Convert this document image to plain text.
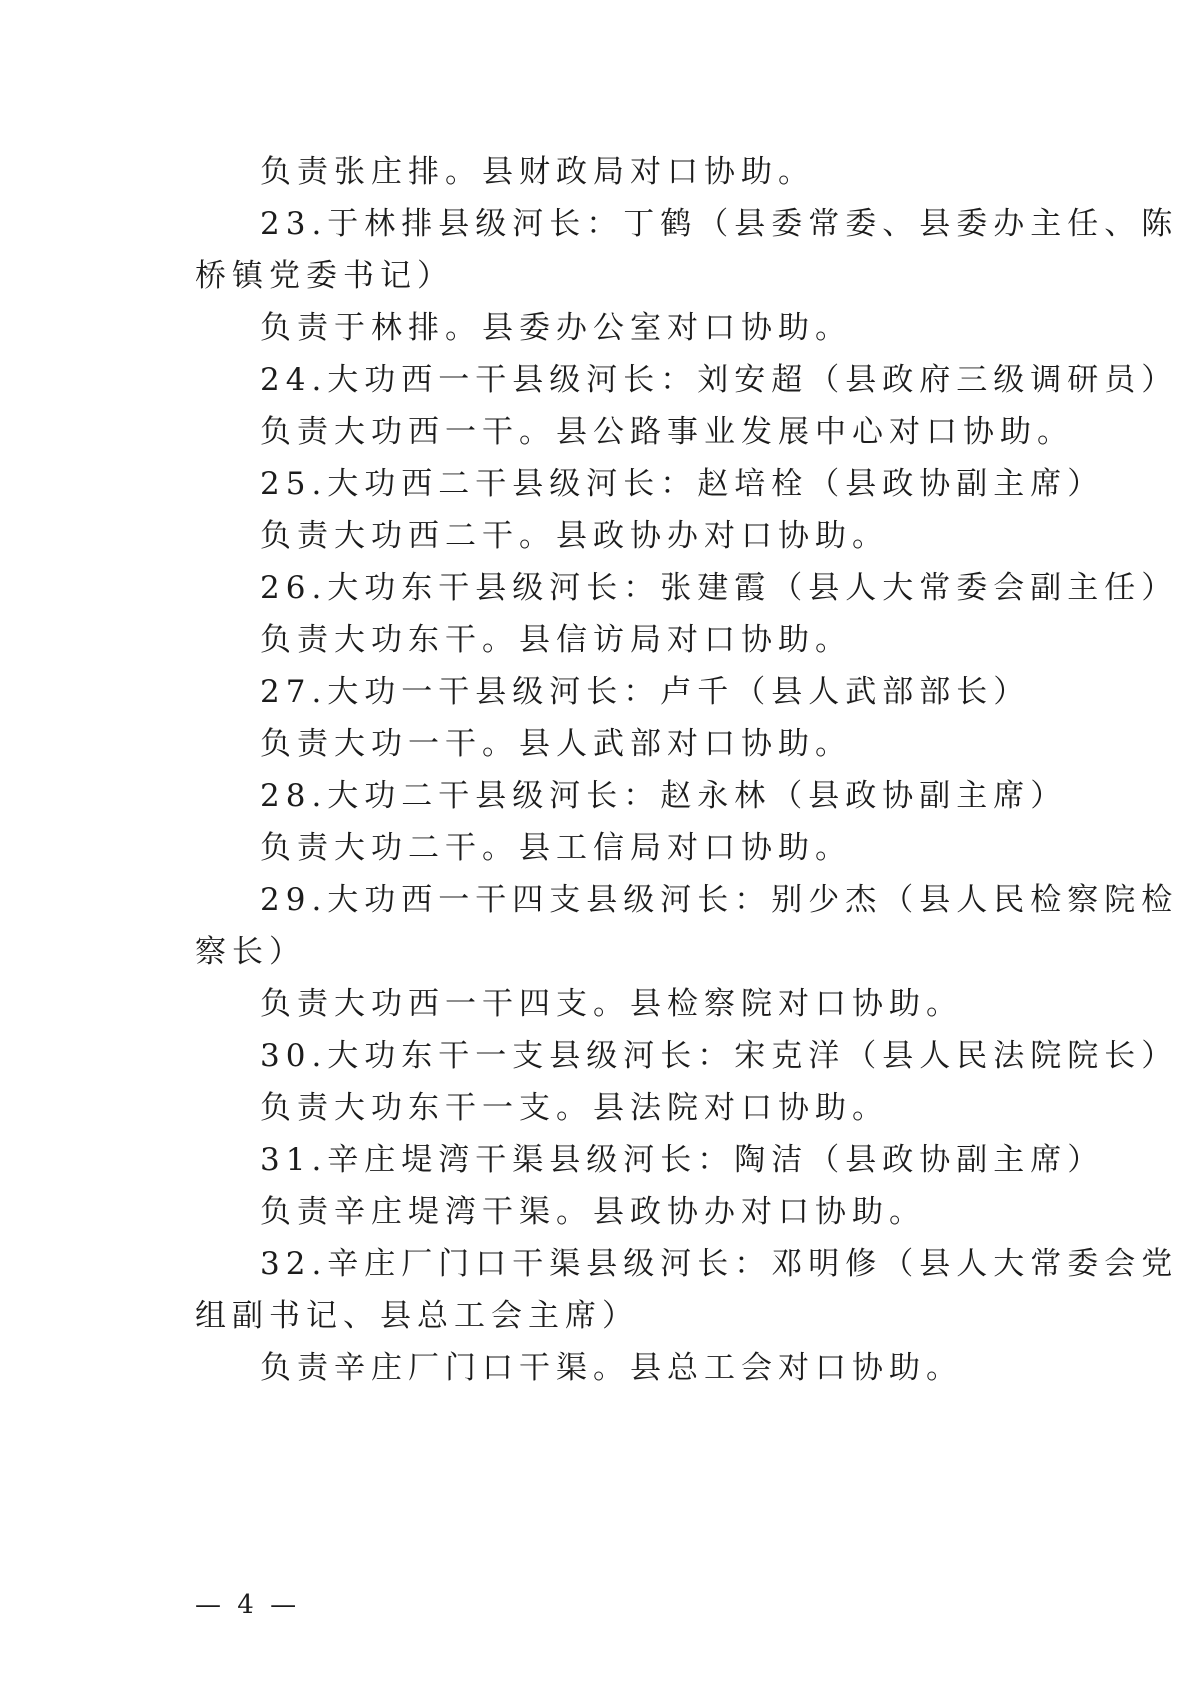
负责张庄排。县财政局对口协助。

23.于林排县级河长：丁鹤（县委常委、县委办主任、陈

桥镇党委书记）

负责于林排。县委办公室对口协助。

24.大功西一干县级河长：刘安超（县政府三级调研员）

负责大功西一干。县公路事业发展中心对口协助。

25.大功西二干县级河长：赵培栓（县政协副主席）

负责大功西二干。县政协办对口协助。

26.大功东干县级河长：张建霞（县人大常委会副主任）

负责大功东干。县信访局对口协助。

27.大功一干县级河长：卢千（县人武部部长）

负责大功一干。县人武部对口协助。

28.大功二干县级河长：赵永林（县政协副主席）

负责大功二干。县工信局对口协助。

29.大功西一干四支县级河长：别少杰（县人民检察院检

察长）

负责大功西一干四支。县检察院对口协助。

30.大功东干一支县级河长：宋克洋（县人民法院院长）

负责大功东干一支。县法院对口协助。

31.辛庄堤湾干渠县级河长：陶洁（县政协副主席）

负责辛庄堤湾干渠。县政协办对口协助。

32.辛庄厂门口干渠县级河长：邓明修（县人大常委会党

组副书记、县总工会主席）

负责辛庄厂门口干渠。县总工会对口协助。

— 4 —
